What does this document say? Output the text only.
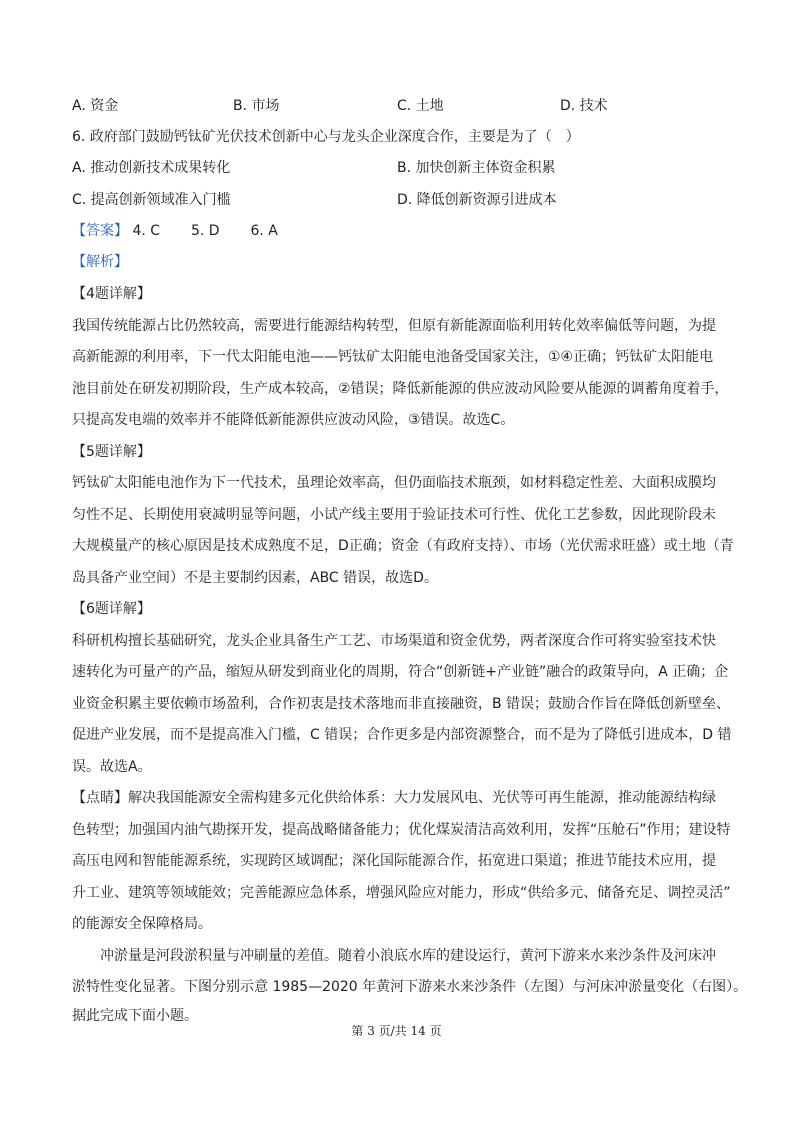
A. 资金	B. 市场	C. 土地	D. 技术
6. 政府部门鼓励钙钛矿光伏技术创新中心与龙头企业深度合作，主要是为了（　）
A. 推动创新技术成果转化	B. 加快创新主体资金积累
C. 提高创新领域准入门槛	D. 降低创新资源引进成本
【答案】 4. C 5. D 6. A
【解析】
【4题详解】
我国传统能源占比仍然较高，需要进行能源结构转型，但原有新能源面临利用转化效率偏低等问题，为提
高新能源的利用率，下一代太阳能电池——钙钛矿太阳能电池备受国家关注，①④正确；钙钛矿太阳能电
池目前处在研发初期阶段，生产成本较高，②错误；降低新能源的供应波动风险要从能源的调蓄角度着手，
只提高发电端的效率并不能降低新能源供应波动风险，③错误。故选C。
【5题详解】
钙钛矿太阳能电池作为下一代技术，虽理论效率高，但仍面临技术瓶颈，如材料稳定性差、大面积成膜均
匀性不足、长期使用衰减明显等问题，小试产线主要用于验证技术可行性、优化工艺参数，因此现阶段未
大规模量产的核心原因是技术成熟度不足，D正确；资金（有政府支持）、市场（光伏需求旺盛）或土地（青
岛具备产业空间）不是主要制约因素，ABC 错误，故选D。
【6题详解】
科研机构擅长基础研究，龙头企业具备生产工艺、市场渠道和资金优势，两者深度合作可将实验室技术快
速转化为可量产的产品，缩短从研发到商业化的周期，符合“创新链+产业链”融合的政策导向，A 正确；企
业资金积累主要依赖市场盈利，合作初衷是技术落地而非直接融资，B 错误；鼓励合作旨在降低创新壁垒、
促进产业发展，而不是提高准入门槛，C 错误；合作更多是内部资源整合，而不是为了降低引进成本，D 错
误。故选A。
【点睛】解决我国能源安全需构建多元化供给体系：大力发展风电、光伏等可再生能源，推动能源结构绿
色转型；加强国内油气勘探开发，提高战略储备能力；优化煤炭清洁高效利用，发挥“压舱石”作用；建设特
高压电网和智能能源系统，实现跨区域调配；深化国际能源合作，拓宽进口渠道；推进节能技术应用，提
升工业、建筑等领域能效；完善能源应急体系，增强风险应对能力，形成“供给多元、储备充足、调控灵活”
的能源安全保障格局。
冲淤量是河段淤积量与冲刷量的差值。随着小浪底水库的建设运行，黄河下游来水来沙条件及河床冲
淤特性变化显著。下图分别示意 1985—2020 年黄河下游来水来沙条件（左图）与河床冲淤量变化（右图）。
据此完成下面小题。
第 3 页/共 14 页
